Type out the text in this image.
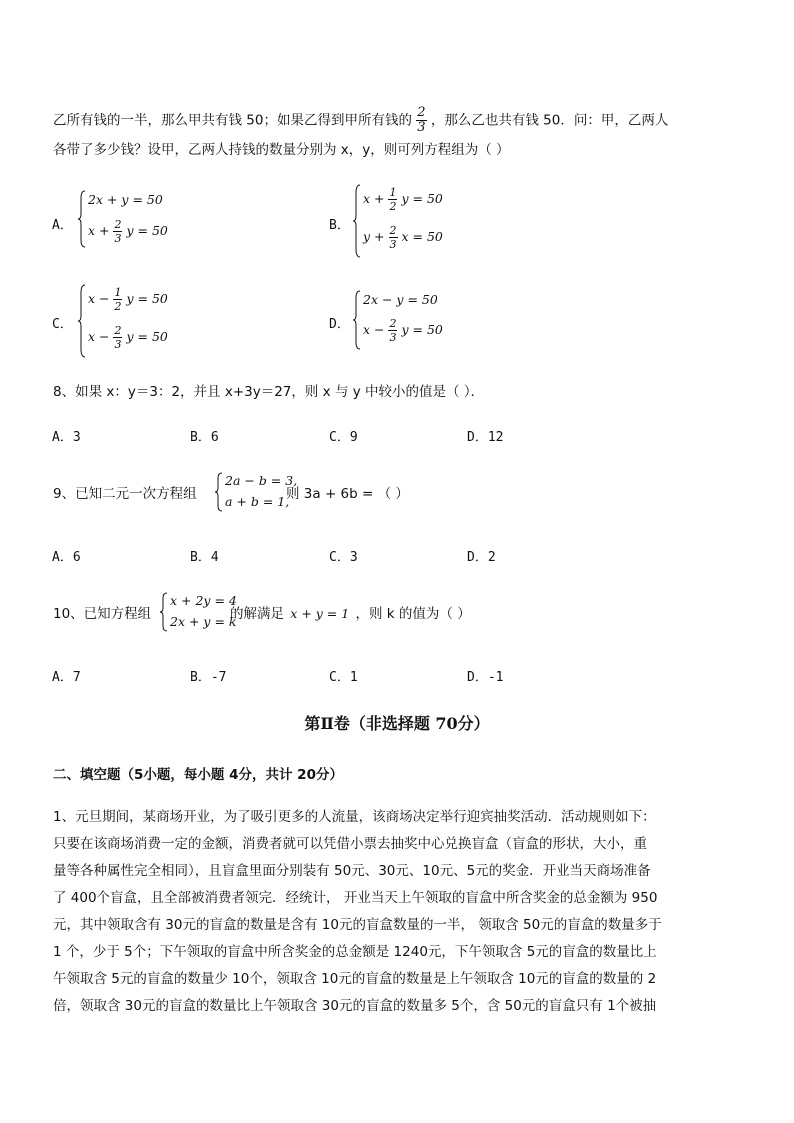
乙所有钱的一半，那么甲共有钱 50；如果乙得到甲所有钱的 $\frac{2}{3}$ ，那么乙也共有钱 50．问：甲，乙两人
各带了多少钱？设甲，乙两人持钱的数量分别为 x，y，则可列方程组为（ ）
A．
2x + y = 50
$x + \frac{2}{3}$ y = 50	B．
$x + \frac{1}{2}$ y = 50
$y + \frac{2}{3}$ x = 50
C．
$x - \frac{1}{2}$ y = 50
$x - \frac{2}{3}$ y = 50
D．
2x − y = 50
$x - \frac{2}{3}$ y = 50
8、如果 x：y＝3：2，并且 x+3y＝27，则 x 与 y 中较小的值是（ ）．
A．3	B．6	C．9	D．12
9、已知二元一次方程组
2a − b = 3,
a + b = 1,
则 3a + 6b = （ ）
A．6	B．4	C．3	D．2
10、已知方程组
x + 2y = 4
2x + y = k
的解满足 x + y = 1 ，则 k 的值为（ ）
A．7	B．-7	C．1	D．-1
第Ⅱ卷（非选择题 70分）
二、填空题（5小题，每小题 4分，共计 20分）
1、元旦期间，某商场开业，为了吸引更多的人流量，该商场决定举行迎宾抽奖活动．活动规则如下：
只要在该商场消费一定的金额，消费者就可以凭借小票去抽奖中心兑换盲盒（盲盒的形状，大小，重
量等各种属性完全相同），且盲盒里面分别装有 50元、30元、10元、5元的奖金．开业当天商场准备
了 400个盲盒，且全部被消费者领完．经统计， 开业当天上午领取的盲盒中所含奖金的总金额为 950
元，其中领取含有 30元的盲盒的数量是含有 10元的盲盒数量的一半， 领取含 50元的盲盒的数量多于
1 个，少于 5个；下午领取的盲盒中所含奖金的总金额是 1240元，下午领取含 5元的盲盒的数量比上
午领取含 5元的盲盒的数量少 10个，领取含 10元的盲盒的数量是上午领取含 10元的盲盒的数量的 2
倍，领取含 30元的盲盒的数量比上午领取含 30元的盲盒的数量多 5个，含 50元的盲盒只有 1个被抽
